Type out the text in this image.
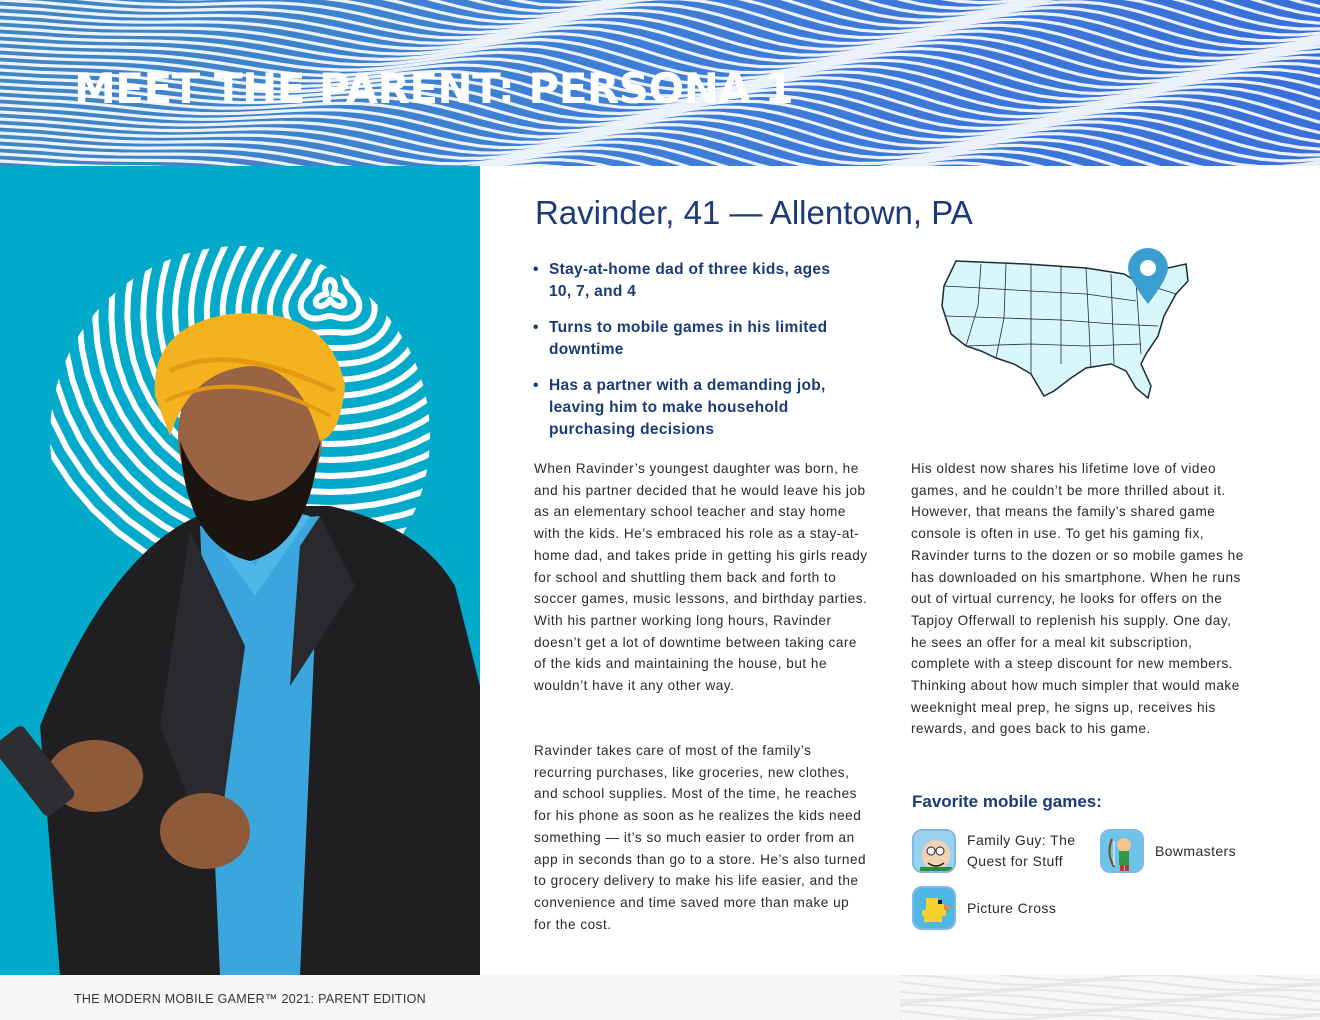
MEET THE PARENT: PERSONA 1
Ravinder, 41 — Allentown, PA
• Stay-at-home dad of three kids, ages 10, 7, and 4
• Turns to mobile games in his limited downtime
• Has a partner with a demanding job, leaving him to make household purchasing decisions
When Ravinder’s youngest daughter was born, he and his partner decided that he would leave his job as an elementary school teacher and stay home with the kids. He’s embraced his role as a stay-at-home dad, and takes pride in getting his girls ready for school and shuttling them back and forth to soccer games, music lessons, and birthday parties. With his partner working long hours, Ravinder doesn’t get a lot of downtime between taking care of the kids and maintaining the house, but he wouldn’t have it any other way.
Ravinder takes care of most of the family’s recurring purchases, like groceries, new clothes, and school supplies. Most of the time, he reaches for his phone as soon as he realizes the kids need something — it’s so much easier to order from an app in seconds than go to a store. He’s also turned to grocery delivery to make his life easier, and the convenience and time saved more than make up for the cost.
His oldest now shares his lifetime love of video games, and he couldn’t be more thrilled about it. However, that means the family’s shared game console is often in use. To get his gaming fix, Ravinder turns to the dozen or so mobile games he has downloaded on his smartphone. When he runs out of virtual currency, he looks for offers on the Tapjoy Offerwall to replenish his supply. One day, he sees an offer for a meal kit subscription, complete with a steep discount for new members. Thinking about how much simpler that would make weeknight meal prep, he signs up, receives his rewards, and goes back to his game.
Favorite mobile games:
Family Guy: The Quest for Stuff
Bowmasters
Picture Cross
THE MODERN MOBILE GAMER™ 2021: PARENT EDITION
